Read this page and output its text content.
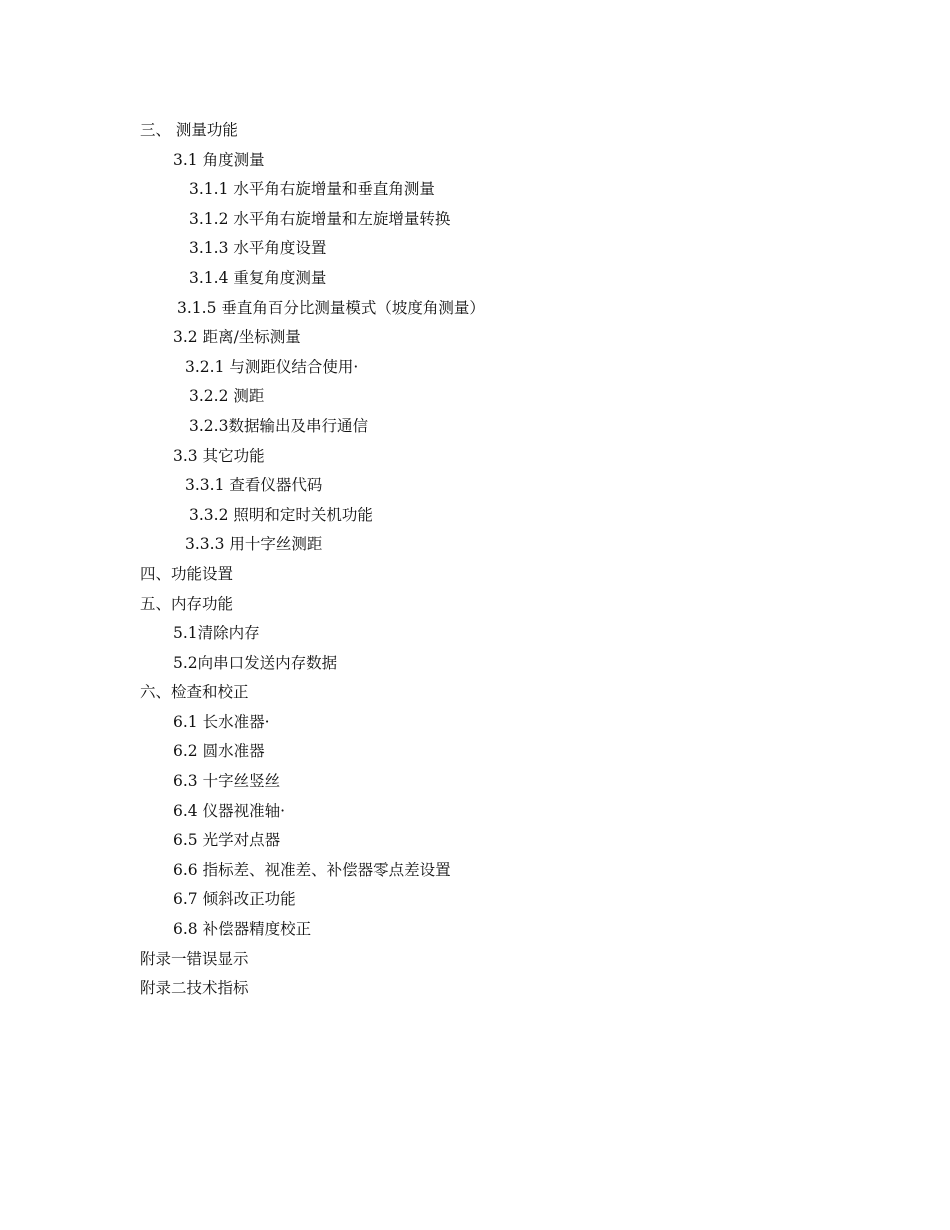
三、 测量功能
3.1 角度测量
3.1.1 水平角右旋增量和垂直角测量
3.1.2 水平角右旋增量和左旋增量转换
3.1.3 水平角度设置
3.1.4 重复角度测量
3.1.5 垂直角百分比测量模式（坡度角测量）
3.2 距离/坐标测量
3.2.1 与测距仪结合使用·
3.2.2 测距
3.2.3数据输出及串行通信
3.3 其它功能
3.3.1 查看仪器代码
3.3.2 照明和定时关机功能
3.3.3 用十字丝测距
四、功能设置
五、内存功能
5.1清除内存
5.2向串口发送内存数据
六、检查和校正
6.1 长水准器·
6.2 圆水准器
6.3 十字丝竖丝
6.4 仪器视准轴·
6.5 光学对点器
6.6 指标差、视准差、补偿器零点差设置
6.7 倾斜改正功能
6.8 补偿器精度校正
附录一错误显示
附录二技术指标
